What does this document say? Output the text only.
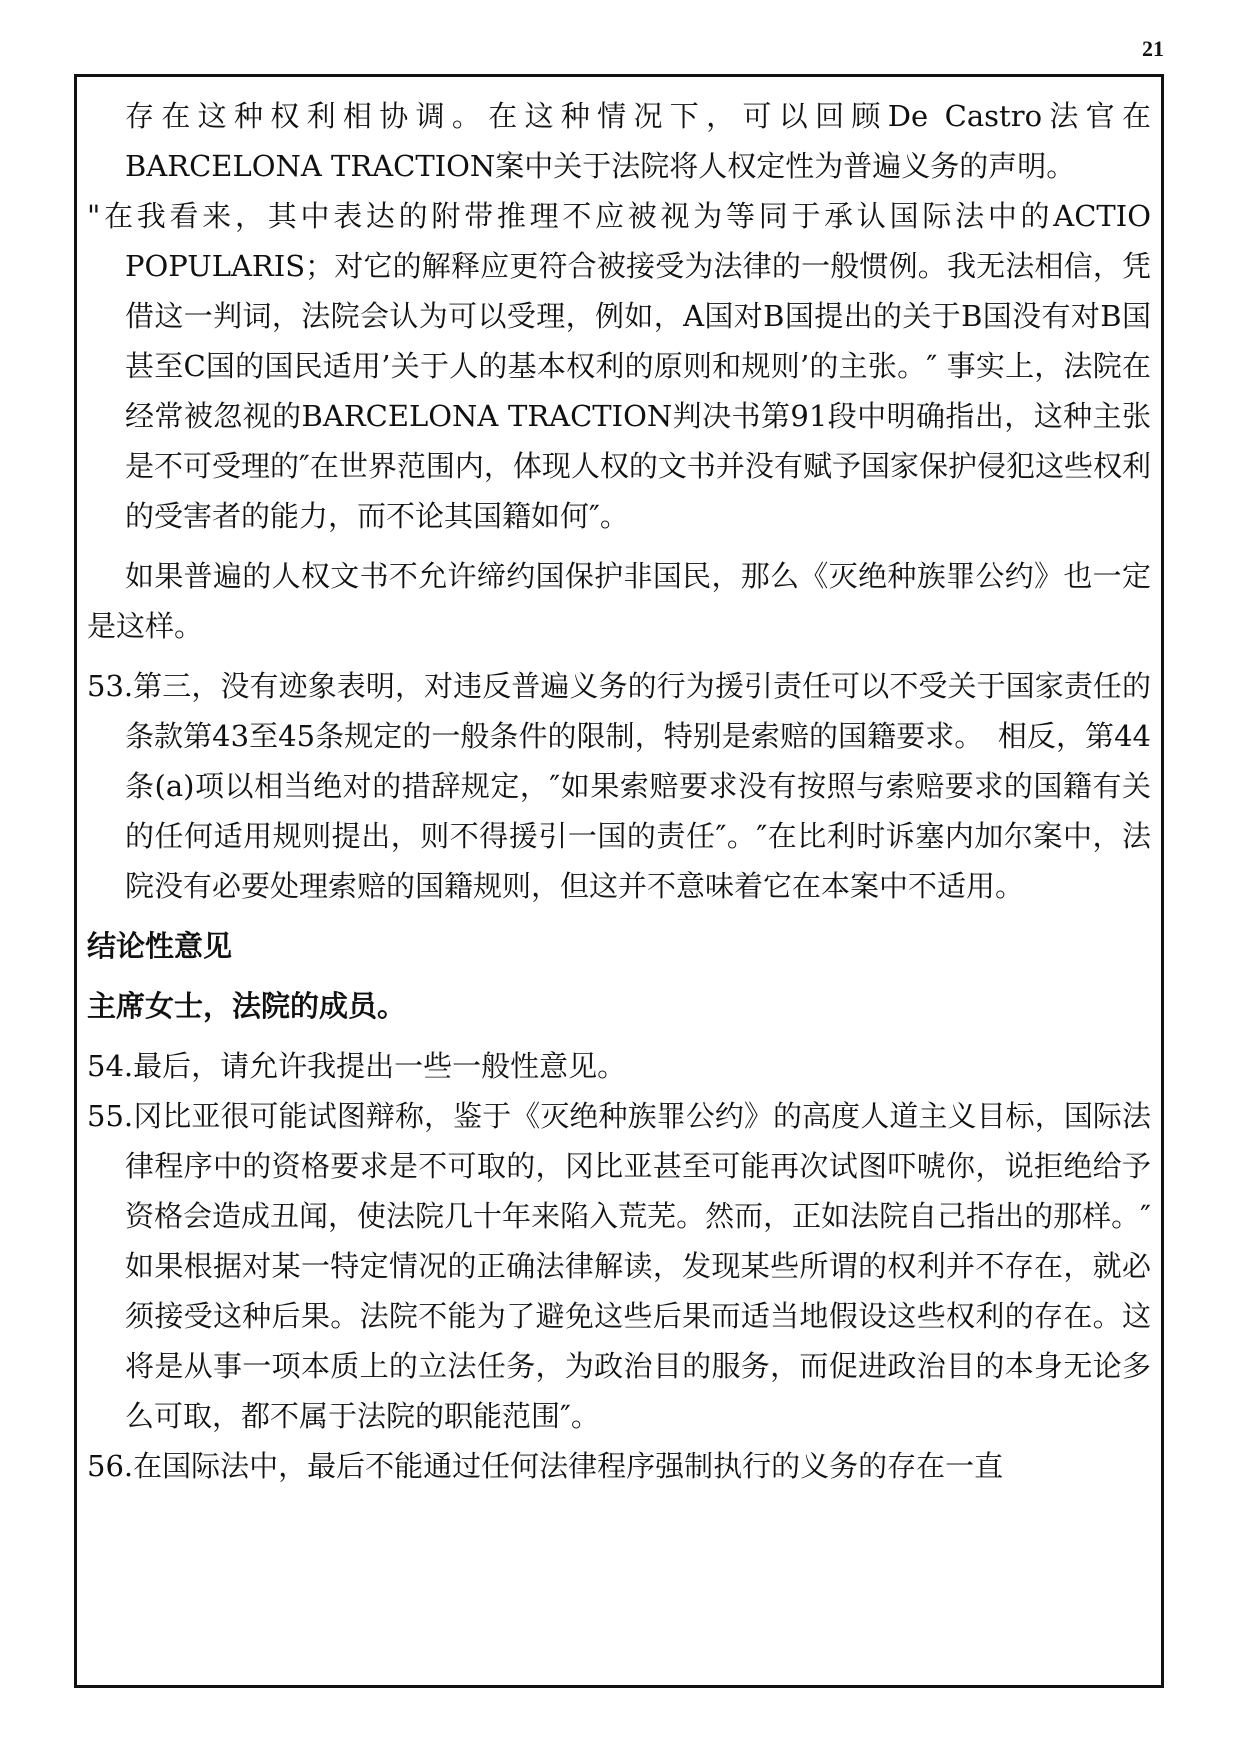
21

存在这种权利相协调。在这种情况下，可以回顾De Castro法官在BARCELONA TRACTION案中关于法院将人权定性为普遍义务的声明。

"在我看来，其中表达的附带推理不应被视为等同于承认国际法中的ACTIO POPULARIS；对它的解释应更符合被接受为法律的一般惯例。我无法相信，凭借这一判词，法院会认为可以受理，例如，A国对B国提出的关于B国没有对B国甚至C国的国民适用’关于人的基本权利的原则和规则’的主张。″ 事实上，法院在经常被忽视的BARCELONA TRACTION判决书第91段中明确指出，这种主张是不可受理的″在世界范围内，体现人权的文书并没有赋予国家保护侵犯这些权利的受害者的能力，而不论其国籍如何″。

如果普遍的人权文书不允许缔约国保护非国民，那么《灭绝种族罪公约》也一定是这样。

53.第三，没有迹象表明，对违反普遍义务的行为援引责任可以不受关于国家责任的条款第43至45条规定的一般条件的限制，特别是索赔的国籍要求。　相反，第44条(a)项以相当绝对的措辞规定，″如果索赔要求没有按照与索赔要求的国籍有关的任何适用规则提出，则不得援引一国的责任″。″在比利时诉塞内加尔案中，法院没有必要处理索赔的国籍规则，但这并不意味着它在本案中不适用。

结论性意见

主席女士，法院的成员。

54.最后，请允许我提出一些一般性意见。

55.冈比亚很可能试图辩称，鉴于《灭绝种族罪公约》的高度人道主义目标，国际法律程序中的资格要求是不可取的，冈比亚甚至可能再次试图吓唬你，说拒绝给予资格会造成丑闻，使法院几十年来陷入荒芜。然而，正如法院自己指出的那样。″如果根据对某一特定情况的正确法律解读，发现某些所谓的权利并不存在，就必须接受这种后果。法院不能为了避免这些后果而适当地假设这些权利的存在。这将是从事一项本质上的立法任务，为政治目的服务，而促进政治目的本身无论多么可取，都不属于法院的职能范围″。

56.在国际法中，最后不能通过任何法律程序强制执行的义务的存在一直
